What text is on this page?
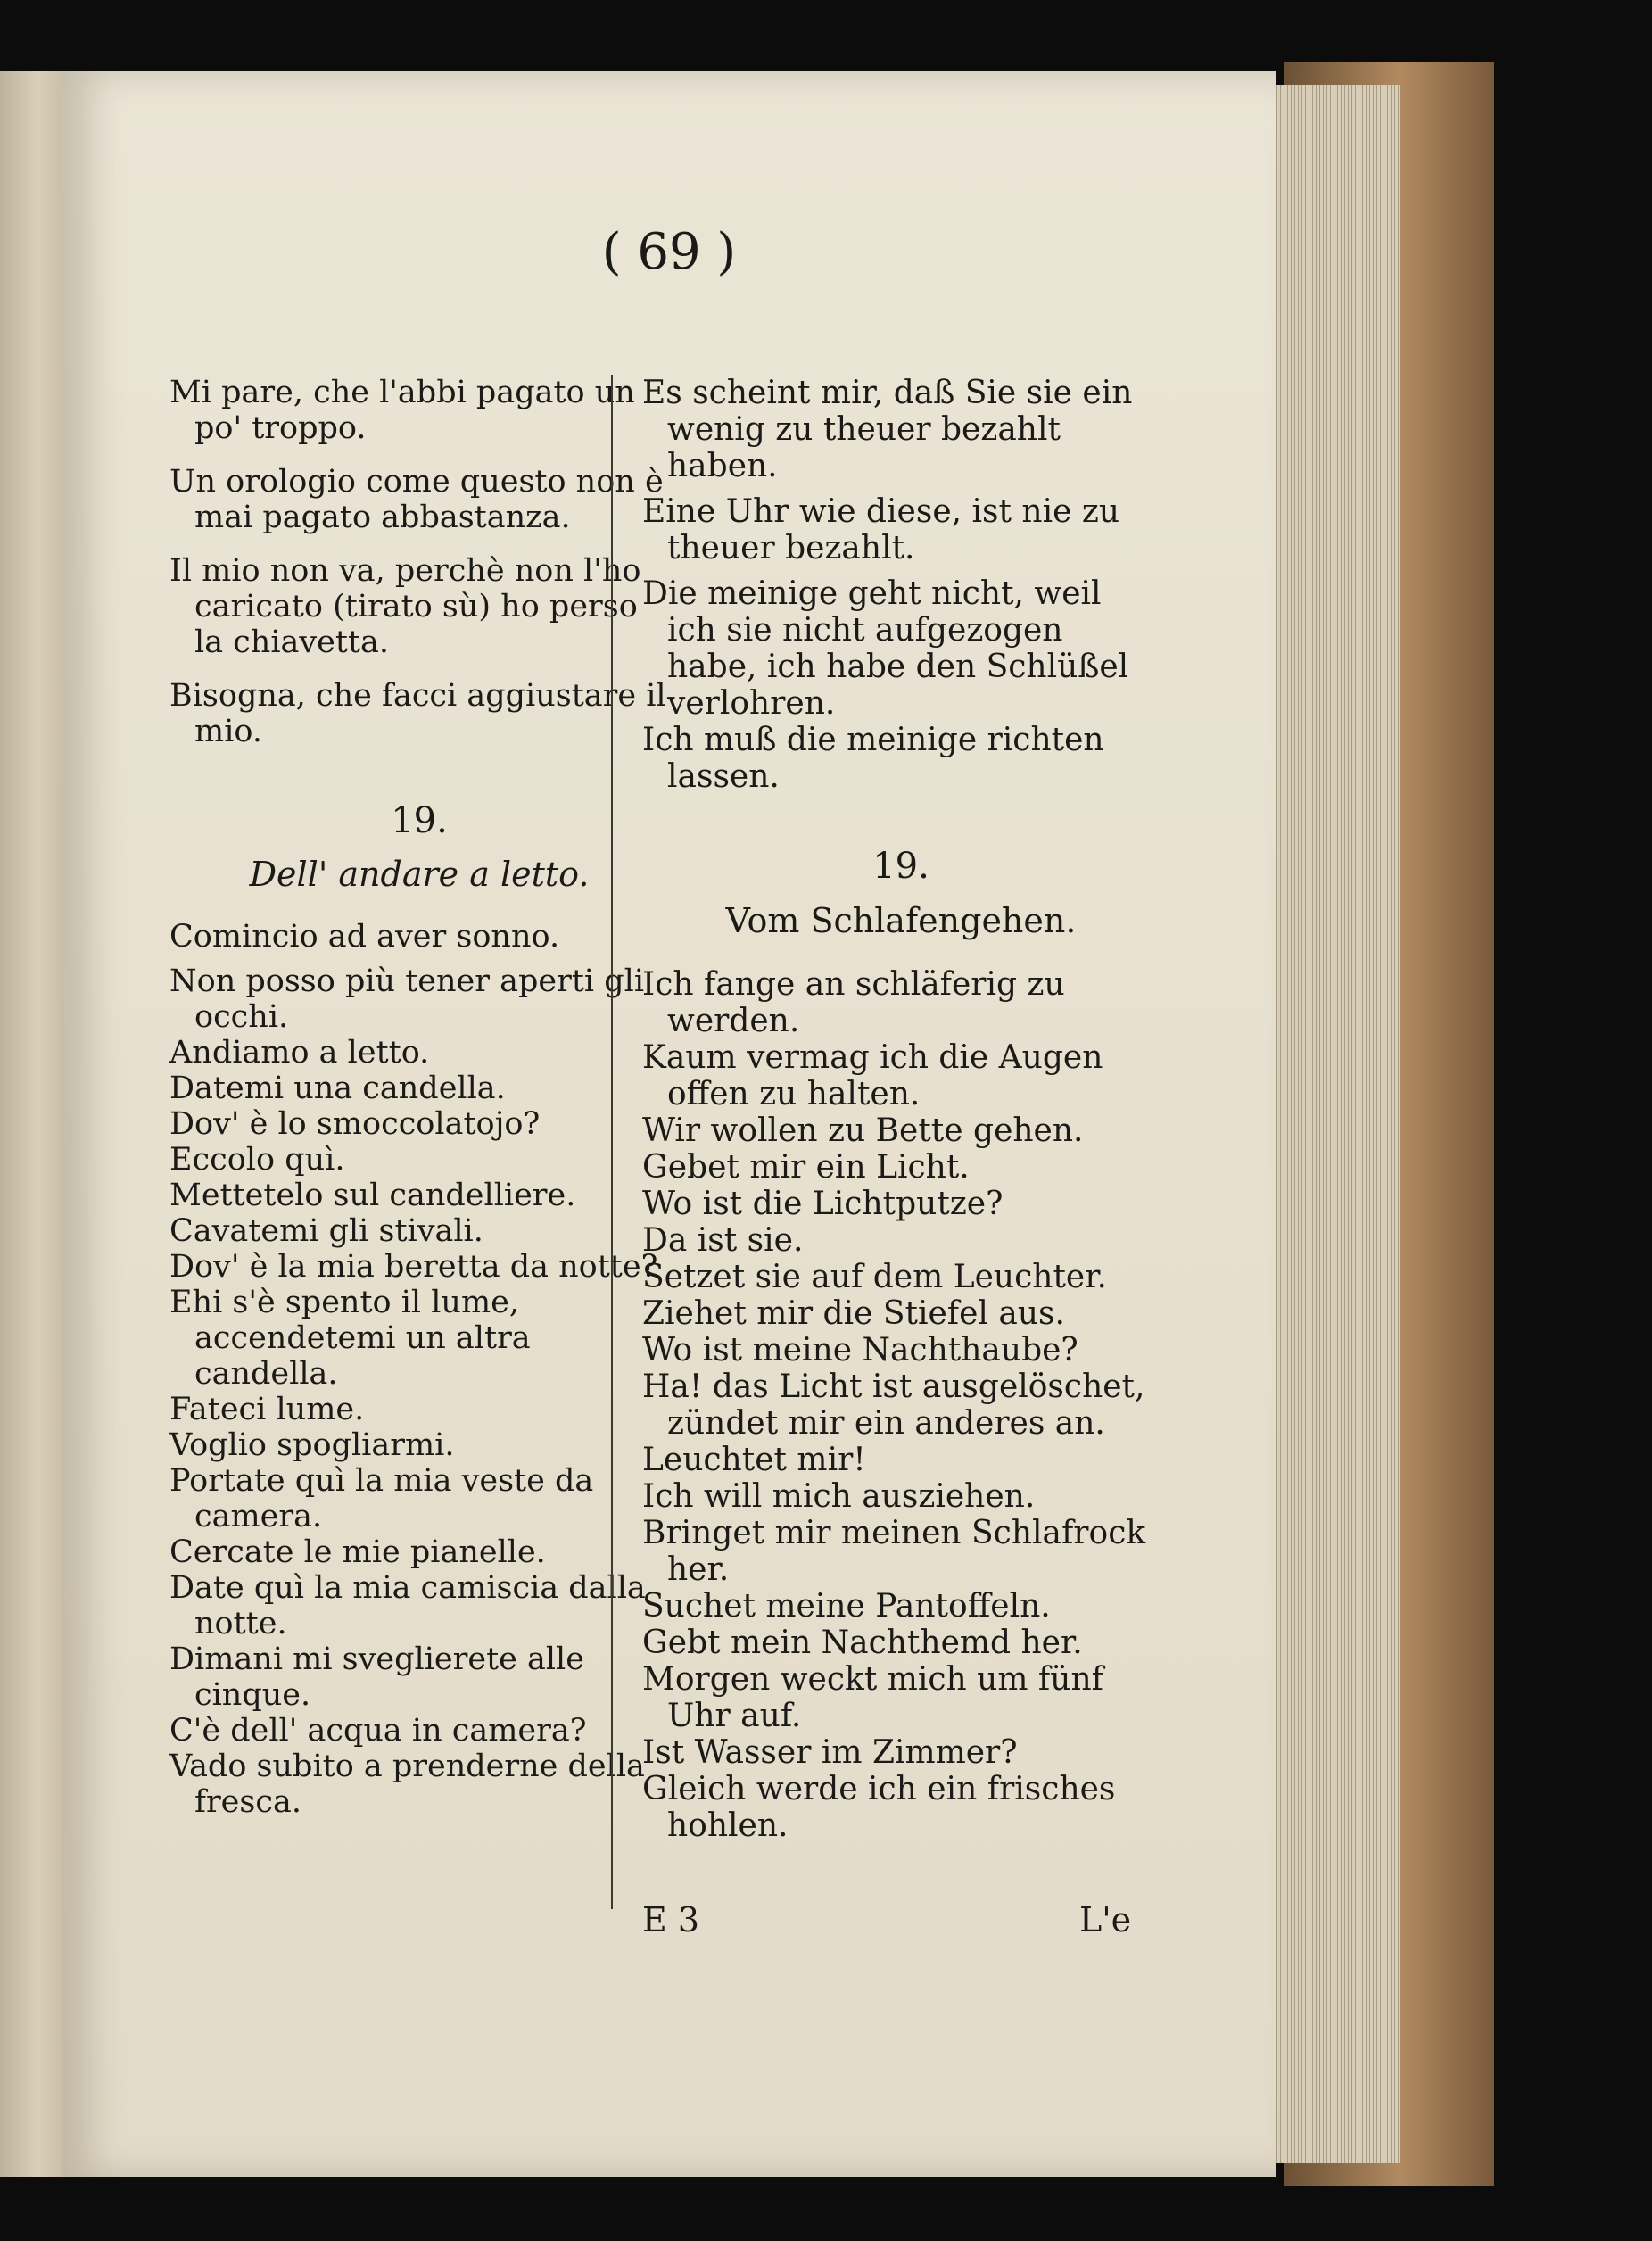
( 69 )

Mi pare, che l'abbi pagato un po' troppo.

Un orologio come questo non è mai pagato abbastanza.

Il mio non va, perchè non l'ho caricato (tirato sù) ho perso la chiavetta.

Bisogna, che facci aggiustare il mio.

19.

Dell' andare a letto.

Comincio ad aver sonno.

Non posso più tener aperti gli occhi.

Andiamo a letto.

Datemi una candella.

Dov' è lo smoccolatojo?

Eccolo quì.

Mettetelo sul candelliere.

Cavatemi gli stivali.

Dov' è la mia beretta da notte?

Ehi s'è spento il lume, accendetemi un altra candella.

Fateci lume.

Voglio spogliarmi.

Portate quì la mia veste da camera.

Cercate le mie pianelle.

Date quì la mia camiscia dalla notte.

Dimani mi sveglierete alle cinque.

C'è dell' acqua in camera?

Vado subito a prenderne della fresca.

Es scheint mir, daß Sie sie ein wenig zu theuer bezahlt haben.

Eine Uhr wie diese, ist nie zu theuer bezahlt.

Die meinige geht nicht, weil ich sie nicht aufgezogen habe, ich habe den Schlüßel verlohren.

Ich muß die meinige richten lassen.

19.

Vom Schlafengehen.

Ich fange an schläferig zu werden.

Kaum vermag ich die Augen offen zu halten.

Wir wollen zu Bette gehen.

Gebet mir ein Licht.

Wo ist die Lichtputze?

Da ist sie.

Setzet sie auf dem Leuchter.

Ziehet mir die Stiefel aus.

Wo ist meine Nachthaube?

Ha! das Licht ist ausgelöschet, zündet mir ein anderes an.

Leuchtet mir!

Ich will mich ausziehen.

Bringet mir meinen Schlafrock her.

Suchet meine Pantoffeln.

Gebt mein Nachthemd her.

Morgen weckt mich um fünf Uhr auf.

Ist Wasser im Zimmer?

Gleich werde ich ein frisches hohlen.

E 3	L'e
